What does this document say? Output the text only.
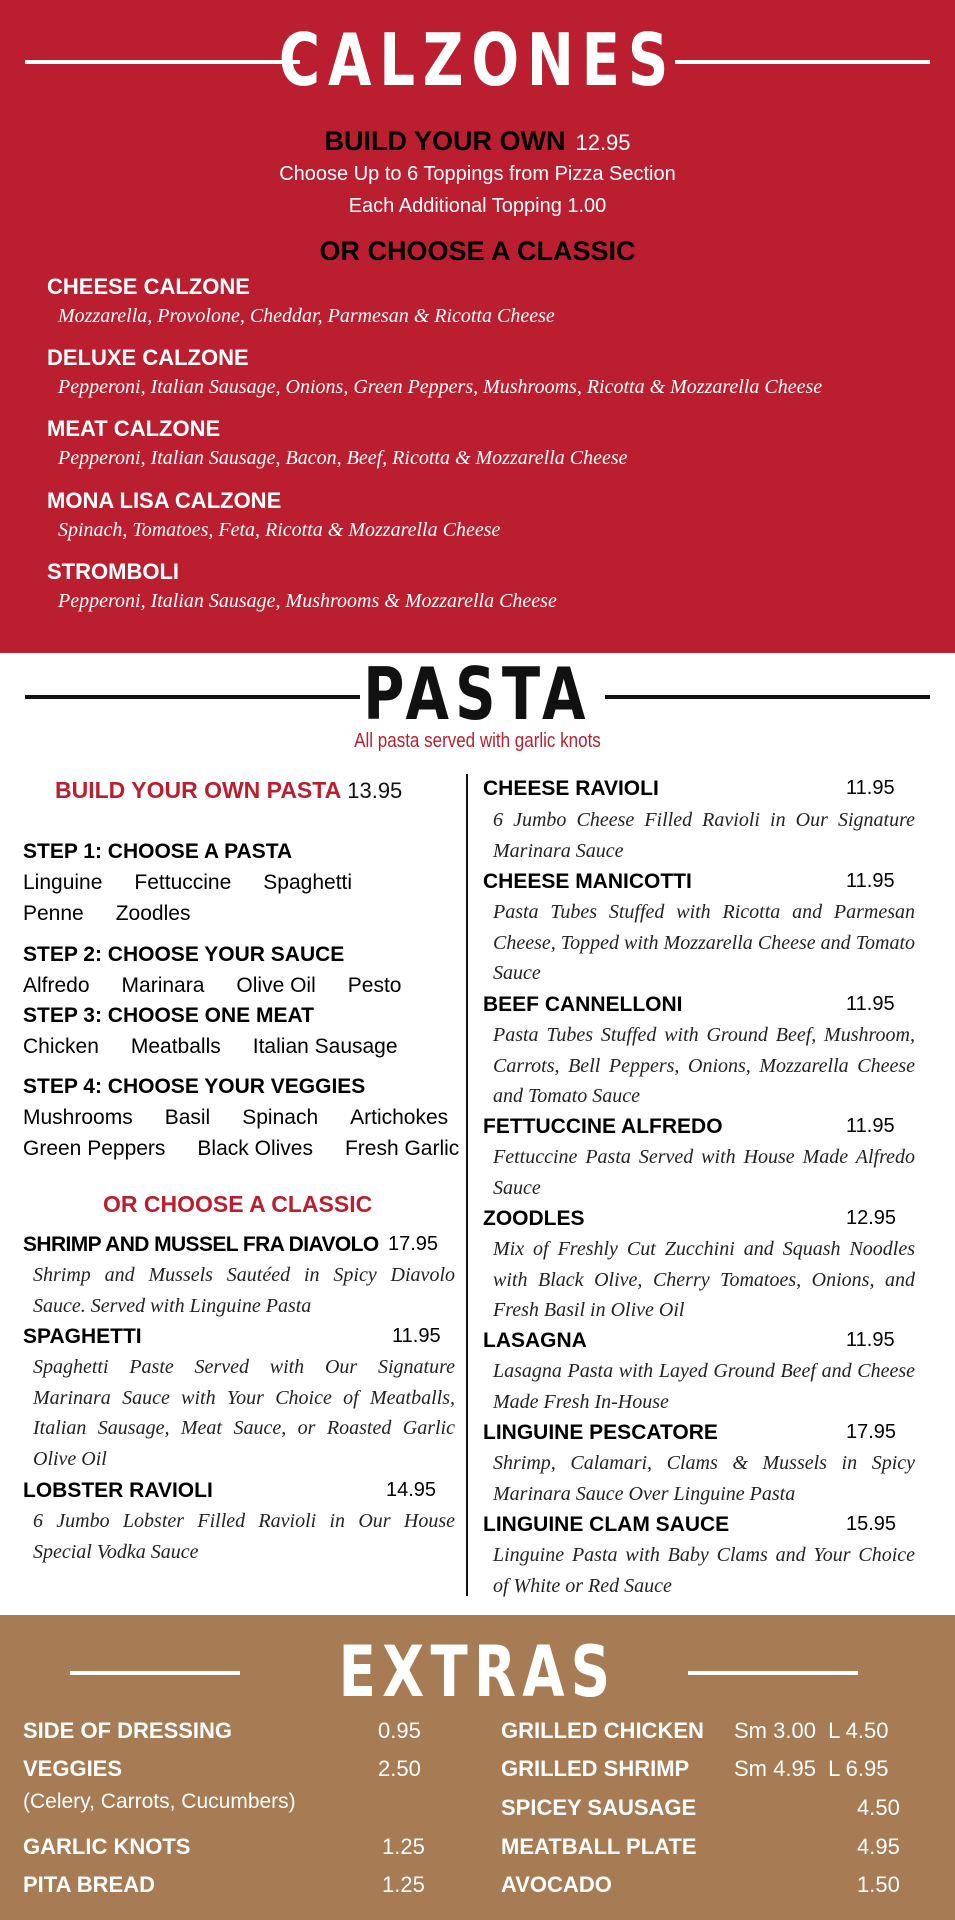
CALZONES
BUILD YOUR OWN 12.95
Choose Up to 6 Toppings from Pizza Section
Each Additional Topping 1.00
OR CHOOSE A CLASSIC
CHEESE CALZONE
Mozzarella, Provolone, Cheddar, Parmesan & Ricotta Cheese
DELUXE CALZONE
Pepperoni, Italian Sausage, Onions, Green Peppers, Mushrooms, Ricotta & Mozzarella Cheese
MEAT CALZONE
Pepperoni, Italian Sausage, Bacon, Beef, Ricotta & Mozzarella Cheese
MONA LISA CALZONE
Spinach, Tomatoes, Feta, Ricotta & Mozzarella Cheese
STROMBOLI
Pepperoni, Italian Sausage, Mushrooms & Mozzarella Cheese
PASTA
All pasta served with garlic knots
BUILD YOUR OWN PASTA 13.95
STEP 1: CHOOSE A PASTA
Linguine Fettuccine Spaghetti
Penne Zoodles
STEP 2: CHOOSE YOUR SAUCE
Alfredo Marinara Olive Oil Pesto
STEP 3: CHOOSE ONE MEAT
Chicken Meatballs Italian Sausage
STEP 4: CHOOSE YOUR VEGGIES
Mushrooms Basil Spinach Artichokes
Green Peppers Black Olives Fresh Garlic
OR CHOOSE A CLASSIC
SHRIMP AND MUSSEL FRA DIAVOLO 17.95
Shrimp and Mussels Sautéed in Spicy Diavolo Sauce. Served with Linguine Pasta
SPAGHETTI	11.95
Spaghetti Paste Served with Our Signature Marinara Sauce with Your Choice of Meatballs, Italian Sausage, Meat Sauce, or Roasted Garlic Olive Oil
LOBSTER RAVIOLI	14.95
6 Jumbo Lobster Filled Ravioli in Our House Special Vodka Sauce
CHEESE RAVIOLI	11.95
6 Jumbo Cheese Filled Ravioli in Our Signature Marinara Sauce
CHEESE MANICOTTI	11.95
Pasta Tubes Stuffed with Ricotta and Parmesan Cheese, Topped with Mozzarella Cheese and Tomato Sauce
BEEF CANNELLONI	11.95
Pasta Tubes Stuffed with Ground Beef, Mushroom, Carrots, Bell Peppers, Onions, Mozzarella Cheese and Tomato Sauce
FETTUCCINE ALFREDO	11.95
Fettuccine Pasta Served with House Made Alfredo Sauce
ZOODLES	12.95
Mix of Freshly Cut Zucchini and Squash Noodles with Black Olive, Cherry Tomatoes, Onions, and Fresh Basil in Olive Oil
LASAGNA	11.95
Lasagna Pasta with Layed Ground Beef and Cheese Made Fresh In-House
LINGUINE PESCATORE	17.95
Shrimp, Calamari, Clams & Mussels in Spicy Marinara Sauce Over Linguine Pasta
LINGUINE CLAM SAUCE	15.95
Linguine Pasta with Baby Clams and Your Choice of White or Red Sauce
EXTRAS
SIDE OF DRESSING	0.95
VEGGIES	2.50
(Celery, Carrots, Cucumbers)
GARLIC KNOTS	1.25
PITA BREAD	1.25
GRILLED CHICKEN Sm 3.00  L 4.50
GRILLED SHRIMP Sm 4.95  L 6.95
SPICEY SAUSAGE	4.50
MEATBALL PLATE	4.95
AVOCADO	1.50
